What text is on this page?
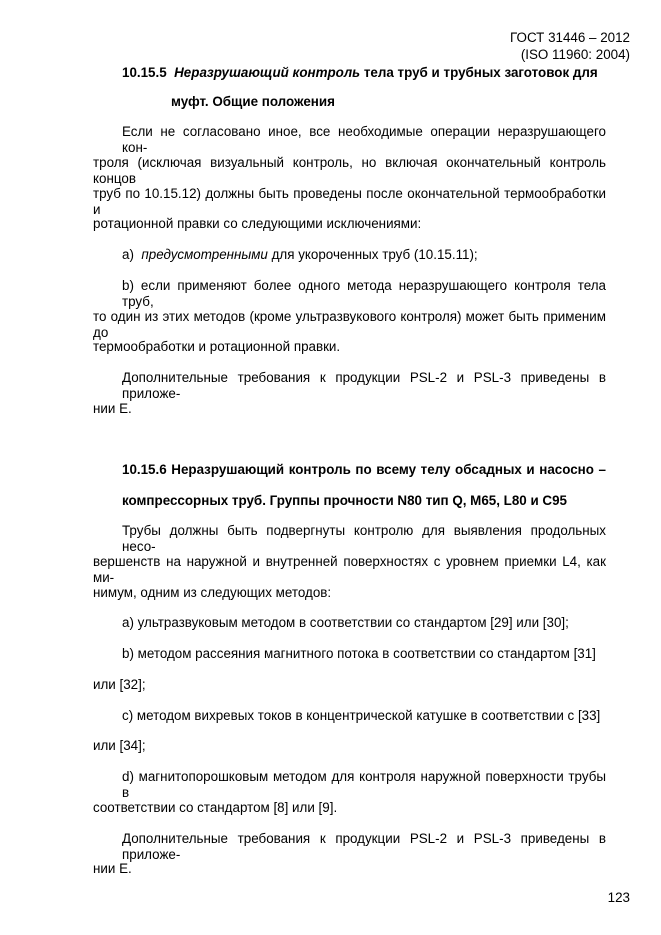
ГОСТ 31446 – 2012
(ISO 11960: 2004)
10.15.5 Неразрушающий контроль тела труб и трубных заготовок для
муфт. Общие положения
Если не согласовано иное, все необходимые операции неразрушающего кон-
троля (исключая визуальный контроль, но включая окончательный контроль концов
труб по 10.15.12) должны быть проведены после окончательной термообработки и
ротационной правки со следующими исключениями:
а) предусмотренными для укороченных труб (10.15.11);
b) если применяют более одного метода неразрушающего контроля тела труб,
то один из этих методов (кроме ультразвукового контроля) может быть применим до
термообработки и ротационной правки.
Дополнительные требования к продукции PSL-2 и PSL-3 приведены в приложе-
нии Е.
10.15.6 Неразрушающий контроль по всему телу обсадных и насосно –
компрессорных труб. Группы прочности N80 тип Q, М65, L80 и С95
Трубы должны быть подвергнуты контролю для выявления продольных несо-
вершенств на наружной и внутренней поверхностях с уровнем приемки L4, как ми-
нимум, одним из следующих методов:
a) ультразвуковым методом в соответствии со стандартом [29] или [30];
b) методом рассеяния магнитного потока в соответствии со стандартом [31]
или [32];
c) методом вихревых токов в концентрической катушке в соответствии с [33]
или [34];
d) магнитопорошковым методом для контроля наружной поверхности трубы в
соответствии со стандартом [8] или [9].
Дополнительные требования к продукции PSL-2 и PSL-3 приведены в приложе-
нии Е.
123
